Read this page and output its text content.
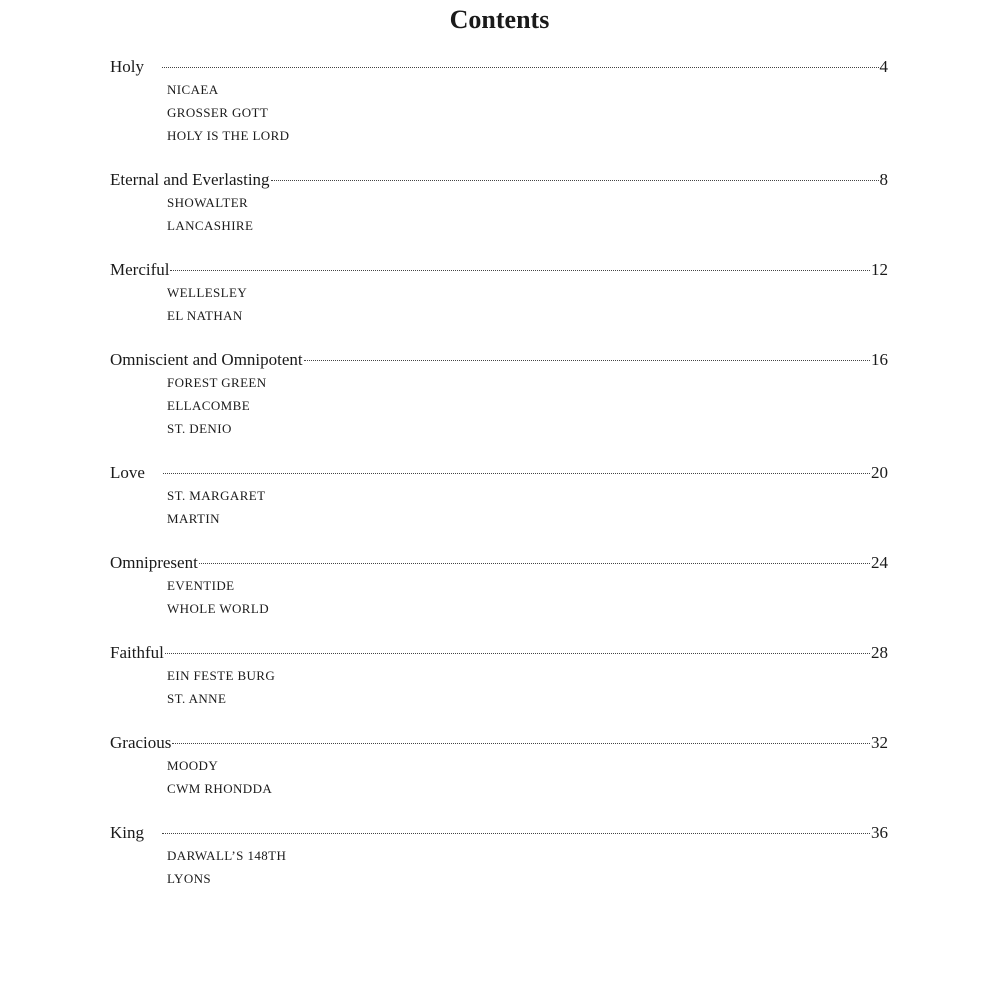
Contents
Holy	4
NICAEA
GROSSER GOTT
HOLY IS THE LORD
Eternal and Everlasting	8
SHOWALTER
LANCASHIRE
Merciful	12
WELLESLEY
EL NATHAN
Omniscient and Omnipotent	16
FOREST GREEN
ELLACOMBE
ST. DENIO
Love	20
ST. MARGARET
MARTIN
Omnipresent	24
EVENTIDE
WHOLE WORLD
Faithful	28
EIN FESTE BURG
ST. ANNE
Gracious	32
MOODY
CWM RHONDDA
King	36
DARWALL’S 148TH
LYONS
